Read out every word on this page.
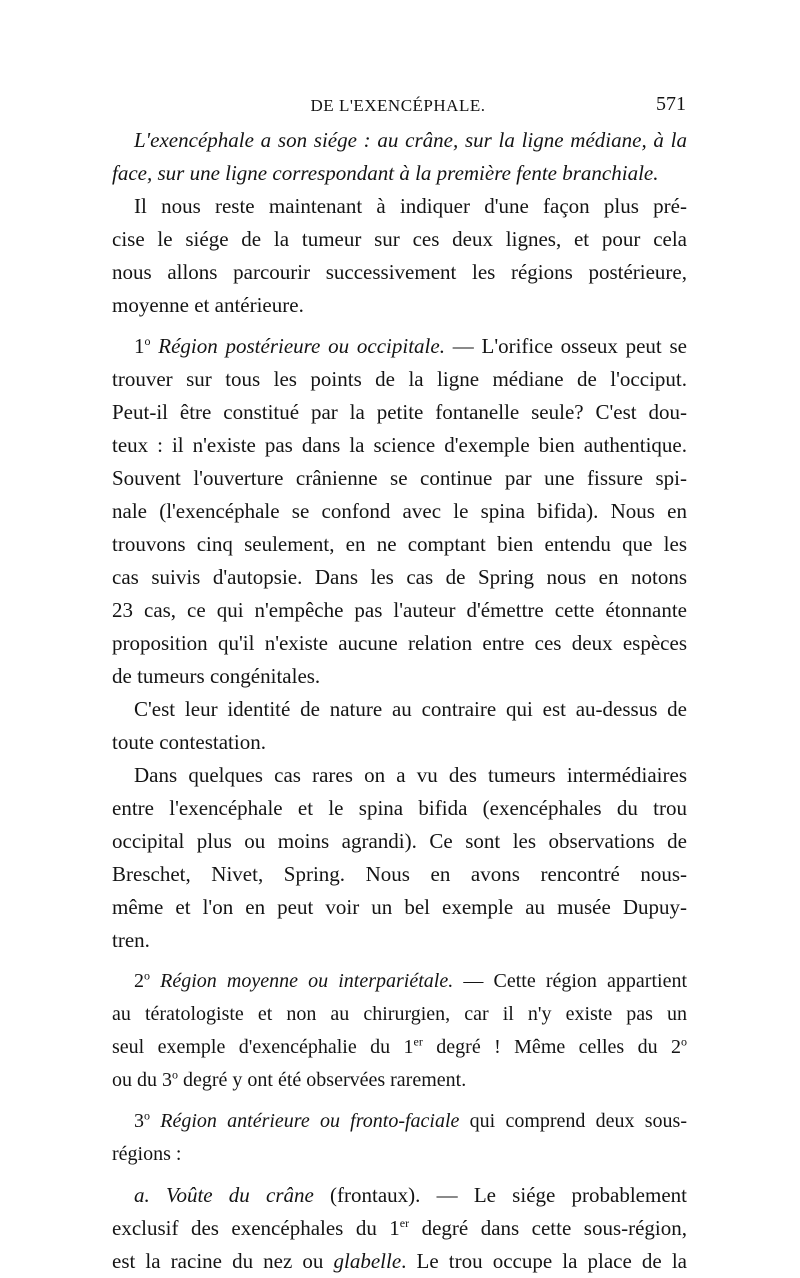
DE L'EXENCÉPHALE.	571
L'exencéphale a son siége : au crâne, sur la ligne médiane, à la
face, sur une ligne correspondant à la première fente branchiale.
Il nous reste maintenant à indiquer d'une façon plus pré-
cise le siége de la tumeur sur ces deux lignes, et pour cela
nous allons parcourir successivement les régions postérieure,
moyenne et antérieure.
1$^o$ Région postérieure ou occipitale. — L'orifice osseux peut se
trouver sur tous les points de la ligne médiane de l'occiput.
Peut-il être constitué par la petite fontanelle seule? C'est dou-
teux : il n'existe pas dans la science d'exemple bien authentique.
Souvent l'ouverture crânienne se continue par une fissure spi-
nale (l'exencéphale se confond avec le spina bifida). Nous en
trouvons cinq seulement, en ne comptant bien entendu que les
cas suivis d'autopsie. Dans les cas de Spring nous en notons
23 cas, ce qui n'empêche pas l'auteur d'émettre cette étonnante
proposition qu'il n'existe aucune relation entre ces deux espèces
de tumeurs congénitales.
C'est leur identité de nature au contraire qui est au-dessus de
toute contestation.
Dans quelques cas rares on a vu des tumeurs intermédiaires
entre l'exencéphale et le spina bifida (exencéphales du trou
occipital plus ou moins agrandi). Ce sont les observations de
Breschet, Nivet, Spring. Nous en avons rencontré nous-
même et l'on en peut voir un bel exemple au musée Dupuy-
tren.
2$^o$ Région moyenne ou interpariétale. — Cette région appartient
au tératologiste et non au chirurgien, car il n'y existe pas un
seul exemple d'exencéphalie du 1er degré ! Même celles du 2$^o$
ou du 3$^o$ degré y ont été observées rarement.
3$^o$ Région antérieure ou fronto-faciale qui comprend deux sous-
régions :
a. Voûte du crâne (frontaux). — Le siége probablement
exclusif des exencéphales du 1er degré dans cette sous-région,
est la racine du nez ou glabelle. Le trou occupe la place de la
